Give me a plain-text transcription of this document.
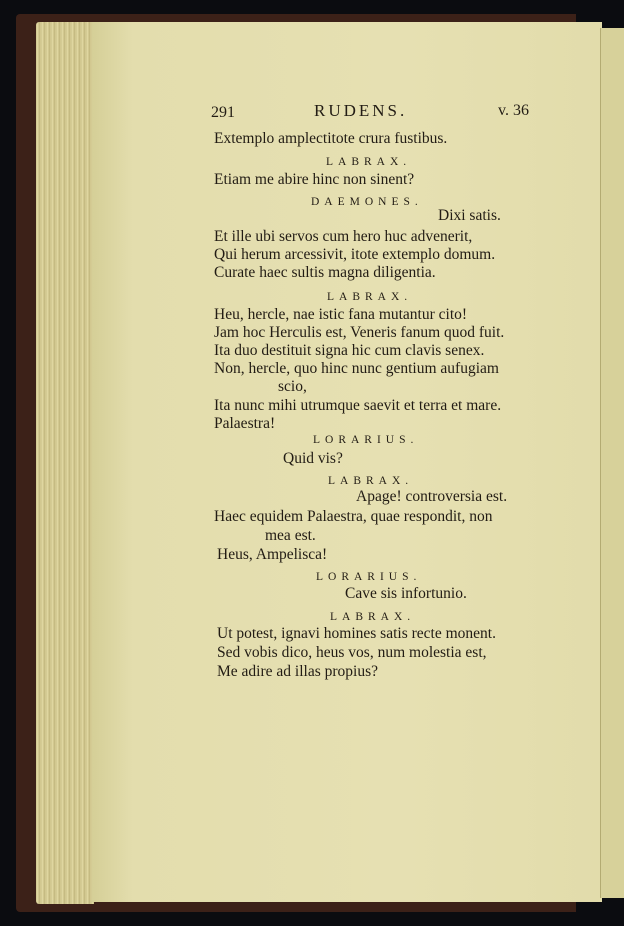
291	RUDENS.	v. 36
Extemplo amplectitote crura fustibus.
LABRAX.
Etiam me abire hinc non sinent?
DAEMONES.
Dixi satis.
Et ille ubi servos cum hero huc advenerit,
Qui herum arcessivit, itote extemplo domum.
Curate haec sultis magna diligentia.
LABRAX.
Heu, hercle, nae istic fana mutantur cito!
Jam hoc Herculis est, Veneris fanum quod fuit.
Ita duo destituit signa hic cum clavis senex.
Non, hercle, quo hinc nunc gentium aufugiam
scio,
Ita nunc mihi utrumque saevit et terra et mare.
Palaestra!
LORARIUS.
Quid vis?
LABRAX.
Apage! controversia est.
Haec equidem Palaestra, quae respondit, non
mea est.
Heus, Ampelisca!
LORARIUS.
Cave sis infortunio.
LABRAX.
Ut potest, ignavi homines satis recte monent.
Sed vobis dico, heus vos, num molestia est,
Me adire ad illas propius?
